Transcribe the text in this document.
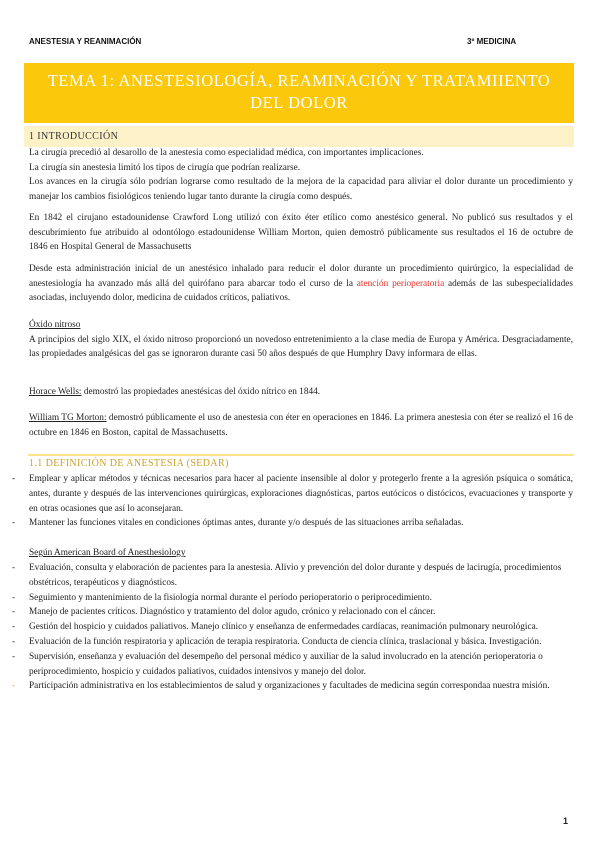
ANESTESIA Y REANIMACIÓN	3º MEDICINA
TEMA 1: ANESTESIOLOGÍA, REAMINACIÓN Y TRATAMIIENTO
DEL DOLOR
1 INTRODUCCIÓN

La cirugía precedió al desarollo de la anestesia como especialidad médica, con importantes implicaciones.

La cirugía sin anestesia limitó los tipos de cirugía que podrían realizarse.

Los avances en la cirugía sólo podrían lograrse como resultado de la mejora de la capacidad para aliviar el dolor durante un procedimiento y manejar los cambios fisiológicos teniendo lugar tanto durante la cirugía como después.

En 1842 el cirujano estadounidense Crawford Long utilizó con éxito éter etílico como anestésico general. No publicó sus resultados y el descubrimiento fue atribuido al odontólogo estadounidense William Morton, quien demostró públicamente sus resultados el 16 de octubre de 1846 en Hospital General de Massachusetts
Desde esta administración inicial de un anestésico inhalado para reducir el dolor durante un procedimiento quirúrgico, la especialidad de anestesiología ha avanzado más allá del quirófano para abarcar todo el curso de la atención perioperatoria además de las subespecialidades asociadas, incluyendo dolor, medicina de cuidados críticos, paliativos.

Óxido nitroso

A principios del siglo XIX, el óxido nitroso proporcionó un novedoso entretenimiento a la clase media de Europa y América. Desgraciadamente, las propiedades analgésicas del gas se ignoraron durante casi 50 años después de que Humphry Davy informara de ellas.

Horace Wells: demostró las propiedades anestésicas del óxido nítrico en 1844.
William TG Morton: demostró públicamente el uso de anestesia con éter en operaciones en 1846. La primera anestesia con éter se realizó el 16 de octubre en 1846 en Boston, capital de Massachusetts.
1.1 DEFINICIÓN DE ANESTESIA (SEDAR)
- Emplear y aplicar métodos y técnicas necesarios para hacer al paciente insensible al dolor y protegerlo frente a la agresión psíquica o somática, antes, durante y después de las intervenciones quirúrgicas, exploraciones diagnósticas, partos eutócicos o distócicos, evacuaciones y transporte y en otras ocasiones que así lo aconsejaran.
- Mantener las funciones vitales en condiciones óptimas antes, durante y/o después de las situaciones arriba señaladas.

Según American Board of Anesthesiology

- Evaluación, consulta y elaboración de pacientes para la anestesia. Alivio y prevención del dolor durante y después de lacirugía, procedimientos obstétricos, terapéuticos y diagnósticos.
- Seguimiento y mantenimiento de la fisiología normal durante el período perioperatorio o periprocedimiento.
- Manejo de pacientes críticos. Diagnóstico y tratamiento del dolor agudo, crónico y relacionado con el cáncer.
- Gestión del hospicio y cuidados paliativos. Manejo clínico y enseñanza de enfermedades cardíacas, reanimación pulmonary neurológica.
- Evaluación de la función respiratoria y aplicación de terapia respiratoria. Conducta de ciencia clínica, traslacional y básica. Investigación.
- Supervisión, enseñanza y evaluación del desempeño del personal médico y auxiliar de la salud involucrado en la atención perioperatoria o periprocedimiento, hospicio y cuidados paliativos, cuidados intensivos y manejo del dolor.
- Participación administrativa en los establecimientos de salud y organizaciones y facultades de medicina según correspondaa nuestra misión.
1
